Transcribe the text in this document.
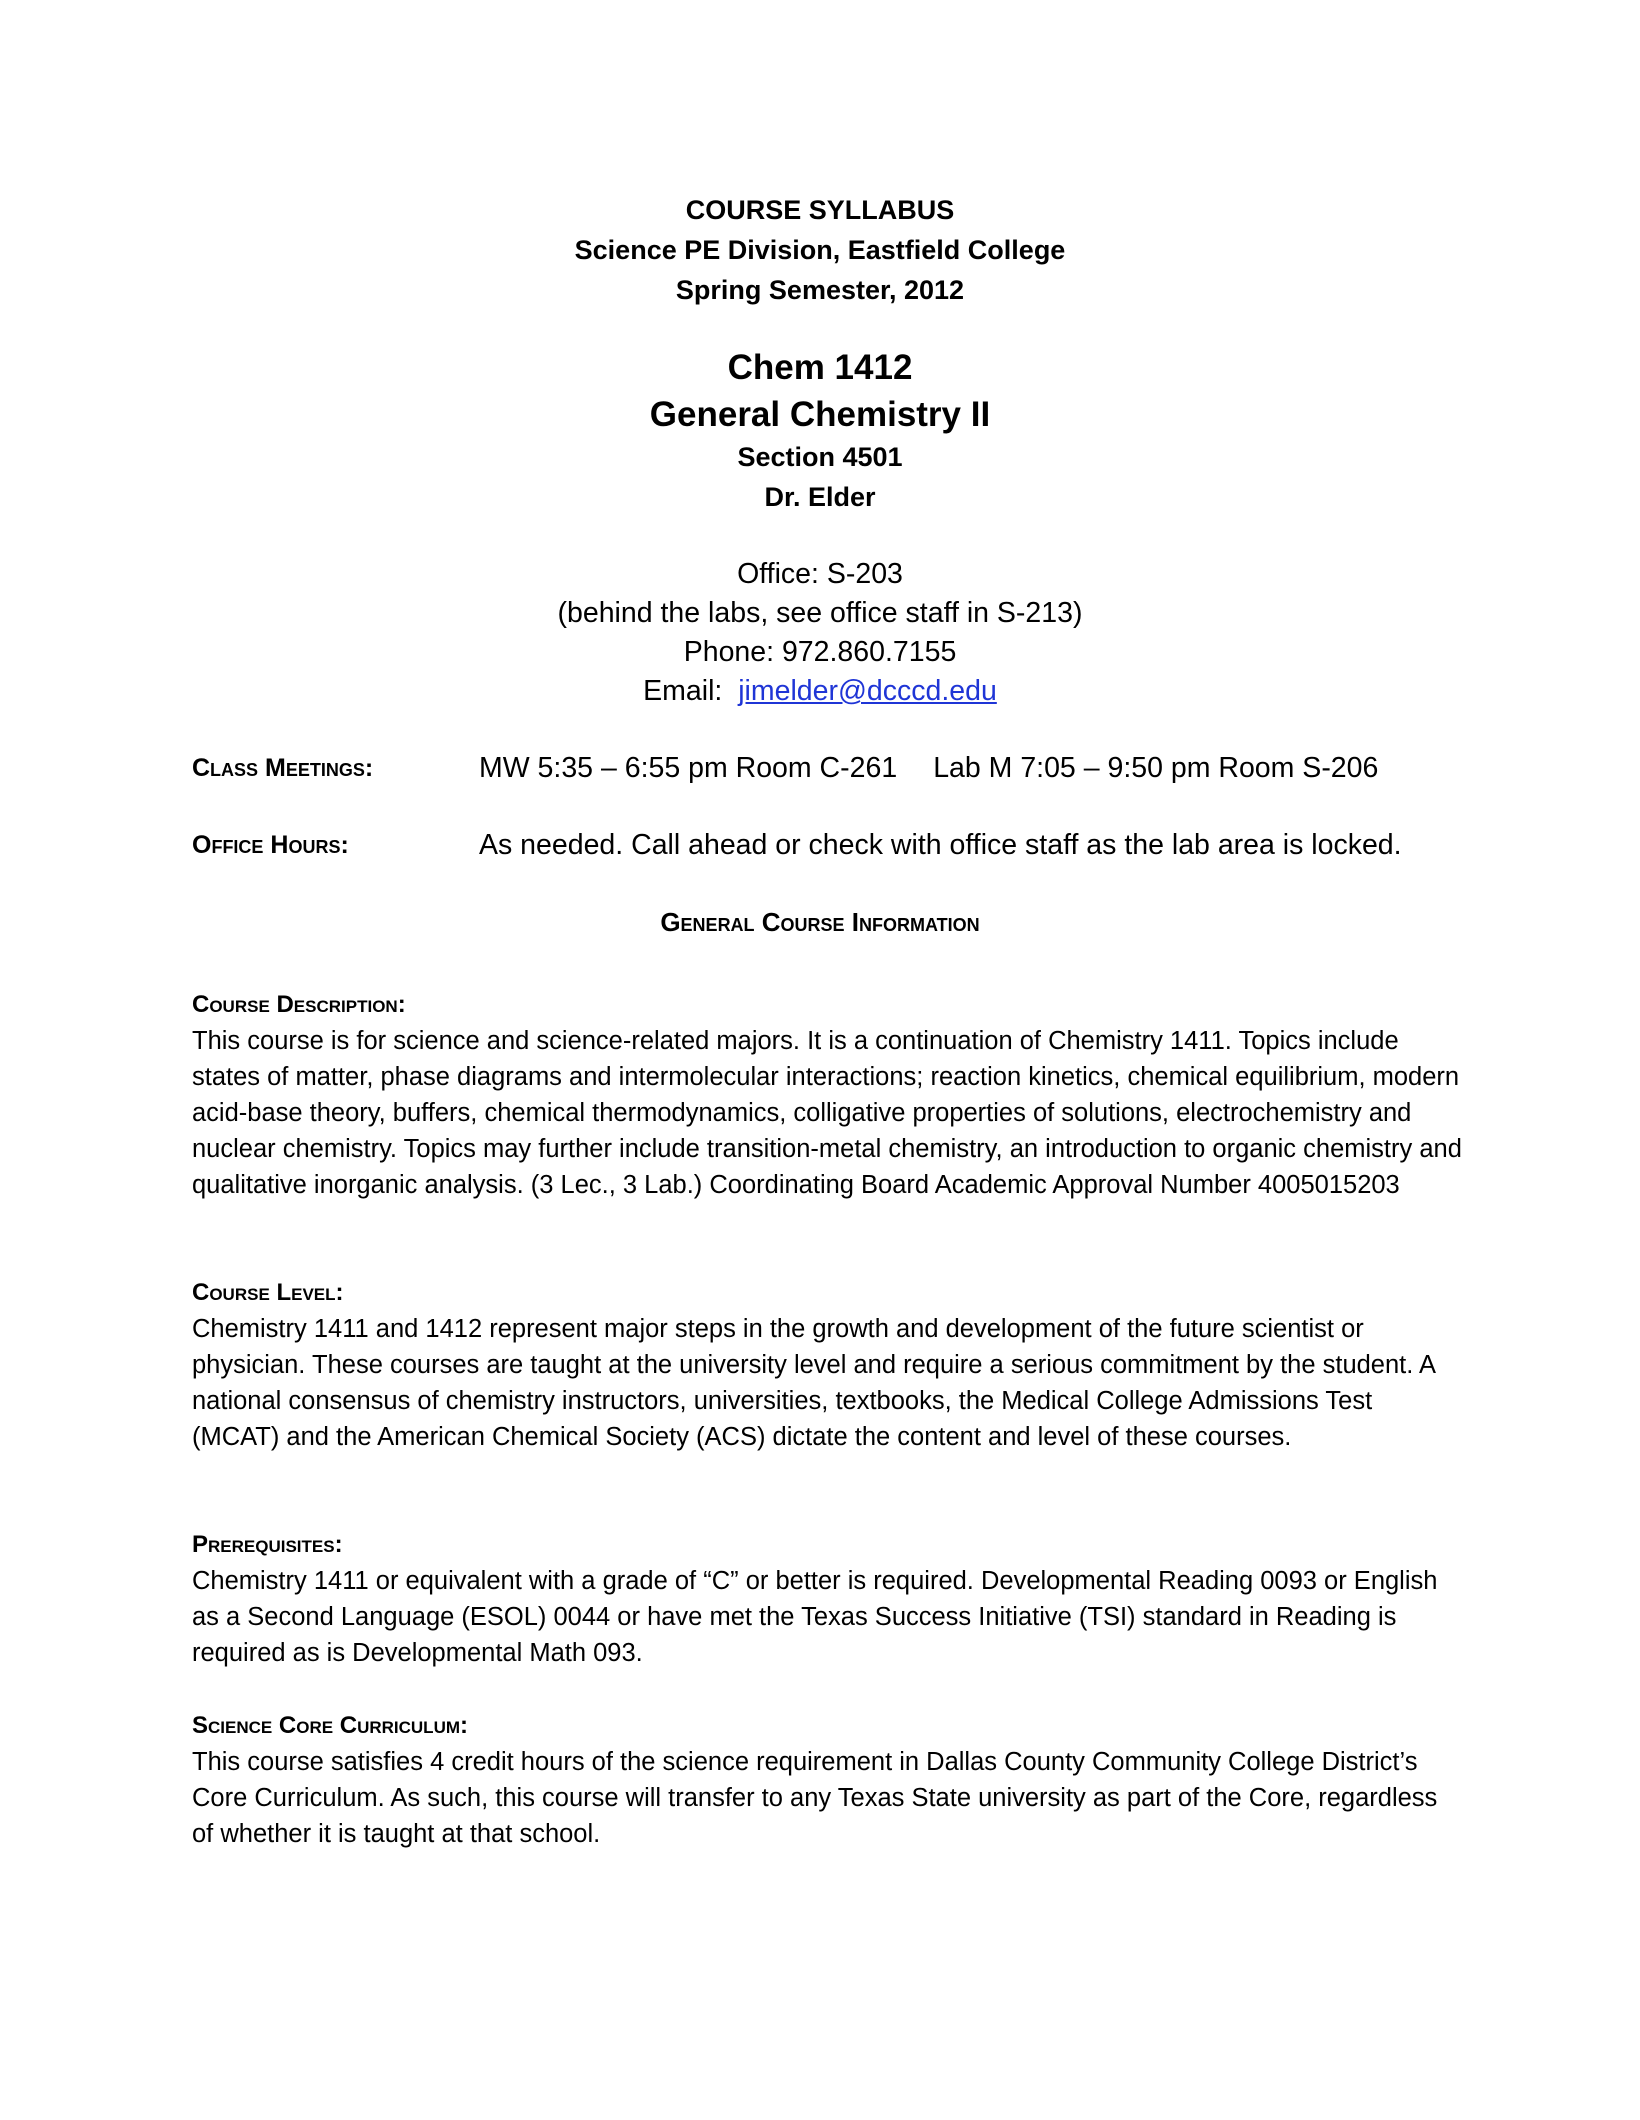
COURSE SYLLABUS
Science PE Division, Eastfield College
Spring Semester, 2012
Chem 1412
General Chemistry II
Section 4501
Dr. Elder
Office: S-203
(behind the labs, see office staff in S-213)
Phone: 972.860.7155
Email: jimelder@dcccd.edu
Class Meetings:	MW 5:35 – 6:55 pm Room C-261 Lab M 7:05 – 9:50 pm Room S-206
Office Hours:	As needed. Call ahead or check with office staff as the lab area is locked.
General Course Information

Course Description:

This course is for science and science-related majors. It is a continuation of Chemistry 1411. Topics include states of matter, phase diagrams and intermolecular interactions; reaction kinetics, chemical equilibrium, modern acid-base theory, buffers, chemical thermodynamics, colligative properties of solutions, electrochemistry and nuclear chemistry. Topics may further include transition-metal chemistry, an introduction to organic chemistry and qualitative inorganic analysis. (3 Lec., 3 Lab.) Coordinating Board Academic Approval Number 4005015203

Course Level:

Chemistry 1411 and 1412 represent major steps in the growth and development of the future scientist or physician. These courses are taught at the university level and require a serious commitment by the student. A national consensus of chemistry instructors, universities, textbooks, the Medical College Admissions Test (MCAT) and the American Chemical Society (ACS) dictate the content and level of these courses.

Prerequisites:

Chemistry 1411 or equivalent with a grade of “C” or better is required. Developmental Reading 0093 or English as a Second Language (ESOL) 0044 or have met the Texas Success Initiative (TSI) standard in Reading is required as is Developmental Math 093.

Science Core Curriculum:

This course satisfies 4 credit hours of the science requirement in Dallas County Community College District’s Core Curriculum. As such, this course will transfer to any Texas State university as part of the Core, regardless of whether it is taught at that school.
